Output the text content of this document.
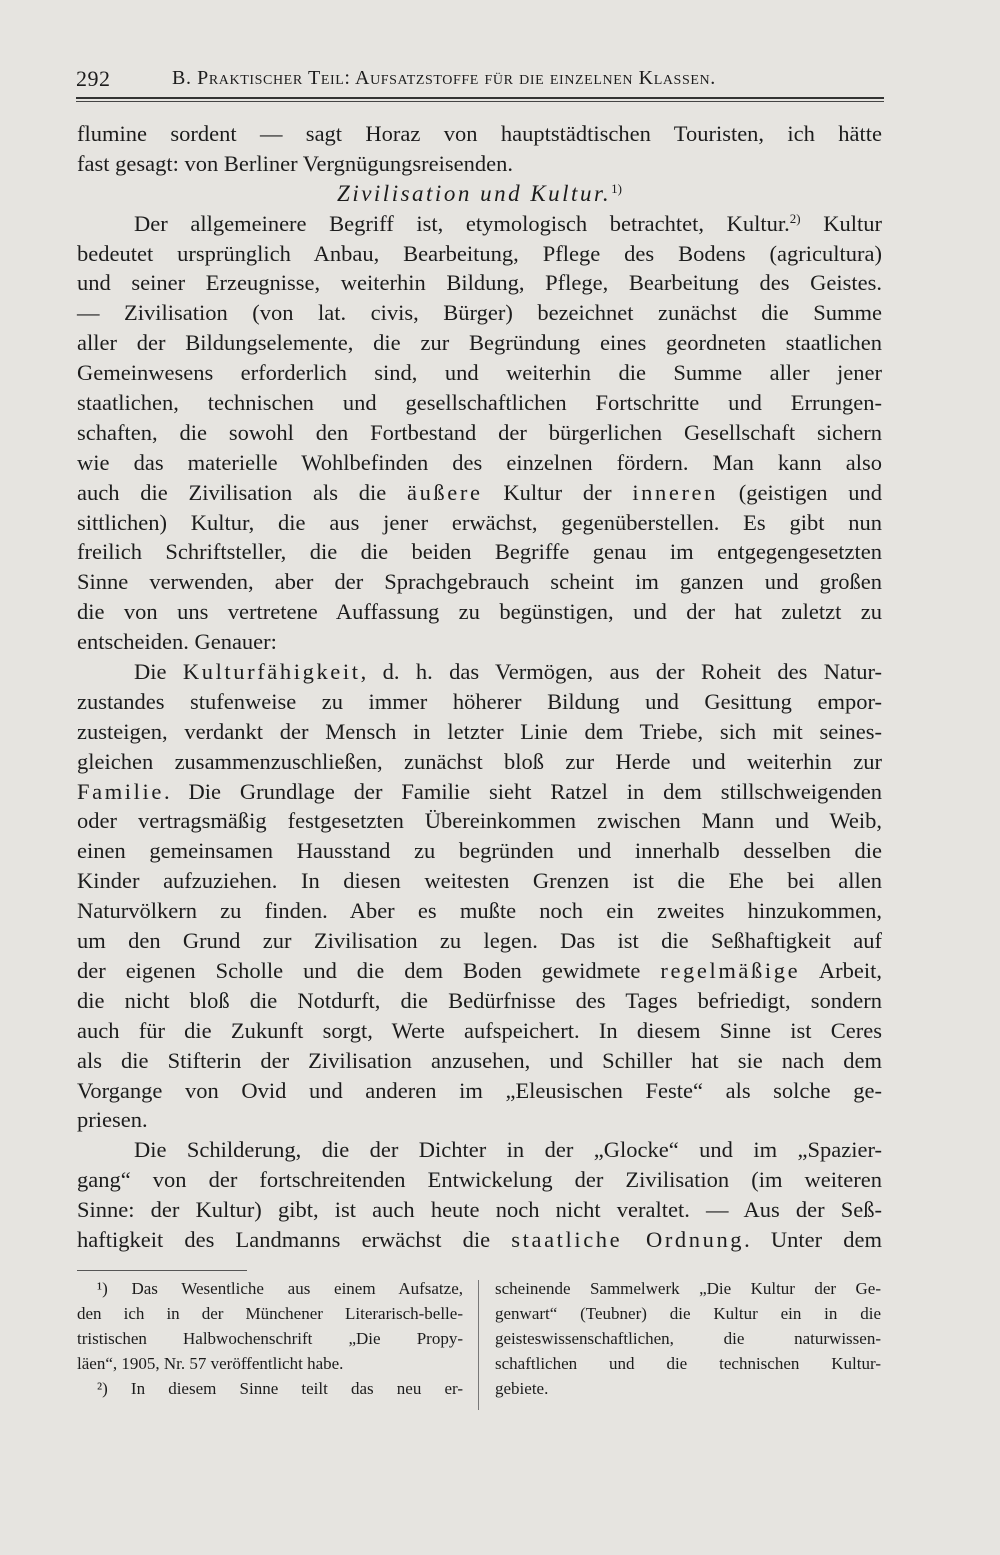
292	B. Praktischer Teil: Aufsatzstoffe für die einzelnen Klassen.
flumine sordent — sagt Horaz von hauptstädtischen Touristen, ich hätte
fast gesagt: von Berliner Vergnügungsreisenden.
Zivilisation und Kultur.$^{1)}$
Der allgemeinere Begriff ist, etymologisch betrachtet, Kultur.$^{2)}$ Kultur
bedeutet ursprünglich Anbau, Bearbeitung, Pflege des Bodens (agricultura)
und seiner Erzeugnisse, weiterhin Bildung, Pflege, Bearbeitung des Geistes.
— Zivilisation (von lat. civis, Bürger) bezeichnet zunächst die Summe
aller der Bildungselemente, die zur Begründung eines geordneten staatlichen
Gemeinwesens erforderlich sind, und weiterhin die Summe aller jener
staatlichen, technischen und gesellschaftlichen Fortschritte und Errungen-
schaften, die sowohl den Fortbestand der bürgerlichen Gesellschaft sichern
wie das materielle Wohlbefinden des einzelnen fördern. Man kann also
auch die Zivilisation als die äußere Kultur der inneren (geistigen und
sittlichen) Kultur, die aus jener erwächst, gegenüberstellen. Es gibt nun
freilich Schriftsteller, die die beiden Begriffe genau im entgegengesetzten
Sinne verwenden, aber der Sprachgebrauch scheint im ganzen und großen
die von uns vertretene Auffassung zu begünstigen, und der hat zuletzt zu
entscheiden. Genauer:
Die Kulturfähigkeit, d. h. das Vermögen, aus der Roheit des Natur-
zustandes stufenweise zu immer höherer Bildung und Gesittung empor-
zusteigen, verdankt der Mensch in letzter Linie dem Triebe, sich mit seines-
gleichen zusammenzuschließen, zunächst bloß zur Herde und weiterhin zur
Familie. Die Grundlage der Familie sieht Ratzel in dem stillschweigenden
oder vertragsmäßig festgesetzten Übereinkommen zwischen Mann und Weib,
einen gemeinsamen Hausstand zu begründen und innerhalb desselben die
Kinder aufzuziehen. In diesen weitesten Grenzen ist die Ehe bei allen
Naturvölkern zu finden. Aber es mußte noch ein zweites hinzukommen,
um den Grund zur Zivilisation zu legen. Das ist die Seßhaftigkeit auf
der eigenen Scholle und die dem Boden gewidmete regelmäßige Arbeit,
die nicht bloß die Notdurft, die Bedürfnisse des Tages befriedigt, sondern
auch für die Zukunft sorgt, Werte aufspeichert. In diesem Sinne ist Ceres
als die Stifterin der Zivilisation anzusehen, und Schiller hat sie nach dem
Vorgange von Ovid und anderen im „Eleusischen Feste“ als solche ge-
priesen.
Die Schilderung, die der Dichter in der „Glocke“ und im „Spazier-
gang“ von der fortschreitenden Entwickelung der Zivilisation (im weiteren
Sinne: der Kultur) gibt, ist auch heute noch nicht veraltet. — Aus der Seß-
haftigkeit des Landmanns erwächst die staatliche Ordnung. Unter dem
¹) Das Wesentliche aus einem Aufsatze,
den ich in der Münchener Literarisch-belle-
tristischen Halbwochenschrift „Die Propy-
läen“, 1905, Nr. 57 veröffentlicht habe.
²) In diesem Sinne teilt das neu er-
scheinende Sammelwerk „Die Kultur der Ge-
genwart“ (Teubner) die Kultur ein in die
geisteswissenschaftlichen, die naturwissen-
schaftlichen und die technischen Kultur-
gebiete.
